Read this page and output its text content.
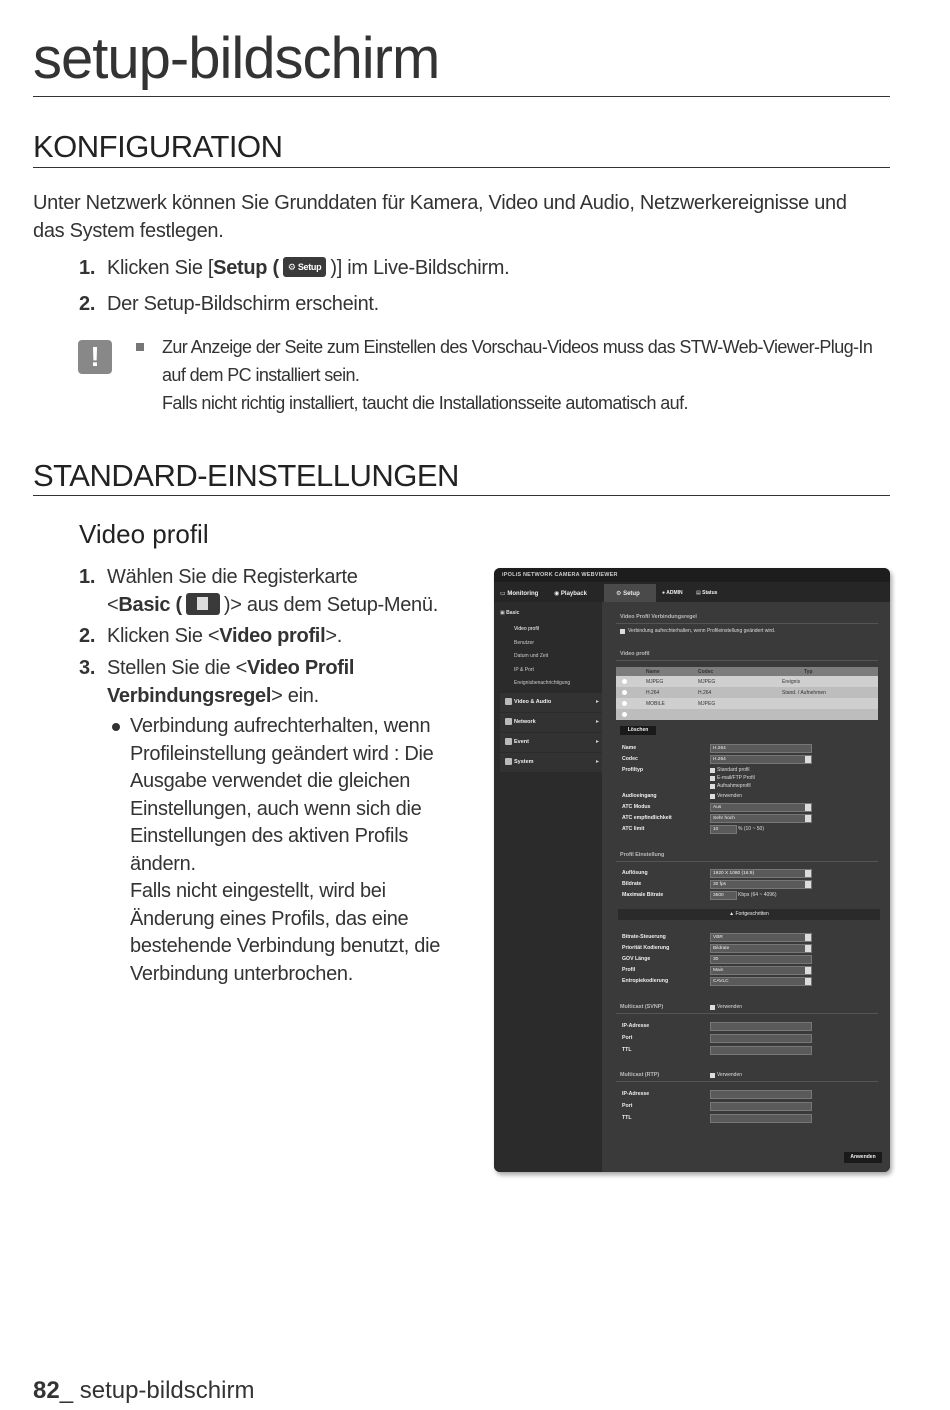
setup-bildschirm
KONFIGURATION
Unter Netzwerk können Sie Grunddaten für Kamera, Video und Audio, Netzwerkereignisse und
das System festlegen.
1. Klicken Sie [Setup ( ⚙ Setup )] im Live-Bildschirm.
2. Der Setup-Bildschirm erscheint.
!	Zur Anzeige der Seite zum Einstellen des Vorschau-Videos muss das STW-Web-Viewer-Plug-In
auf dem PC installiert sein.
Falls nicht richtig installiert, taucht die Installationsseite automatisch auf.
STANDARD-EINSTELLUNGEN
Video profil
1. Wählen Sie die Registerkarte
<Basic ( )> aus dem Setup-Menü.
2. Klicken Sie <Video profil>.
3. Stellen Sie die <Video Profil
Verbindungsregel> ein.
Verbindung aufrechterhalten, wenn
Profileinstellung geändert wird : Die
Ausgabe verwendet die gleichen
Einstellungen, auch wenn sich die
Einstellungen des aktiven Profils
ändern.
Falls nicht eingestellt, wird bei
Änderung eines Profils, das eine
bestehende Verbindung benutzt, die
Verbindung unterbrochen.
iPOLiS NETWORK CAMERA WEBVIEWER
▭ Monitoring	◉ Playback	⚙ Setup	● ADMIN	▤ Status
▣ Basic
Video Profil Verbindungsregel
Verbindung aufrechterhalten, wenn Profileinstellung geändert wird.
Video profil
Name	Codec	Typ
Löschen
Anwenden
Video profil
Benutzer
Datum und Zeit
IP & Port
Ereignisbenachrichtigung
Video & Audio	▸
Network	▸
Event	▸
System	▸
MJPEG	MJPEG	Ereignis
H.264	H.264	Stand. / Aufnehmen
MOBILE	MJPEG
Name	H.264
Codec	H.264
Profiltyp	Standard profil
E-mail/FTP Profil
Aufnahmeprofil
Audioeingang	Verwenden
ATC Modus	Aus
ATC empfindlichkeit	Sehr hoch
ATC limit	10	% (10 ~ 50)
Profil Einstellung
Auflösung	1920 X 1080 (16:9)
Bildrate	30 fps
Maximale Bitrate	3500	Kbps (64 ~ 4096)
▲ Fortgeschritten
Bitrate-Steuerung	VBR
Priorität Kodierung	Bildrate
GOV Länge	30
Profil	Main
Entropiekodierung	CAVLC
Multicast (SVNP)	Verwenden
IP-Adresse
Port
TTL
Multicast (RTP)	Verwenden
IP-Adresse
Port
TTL
82_ setup-bildschirm
